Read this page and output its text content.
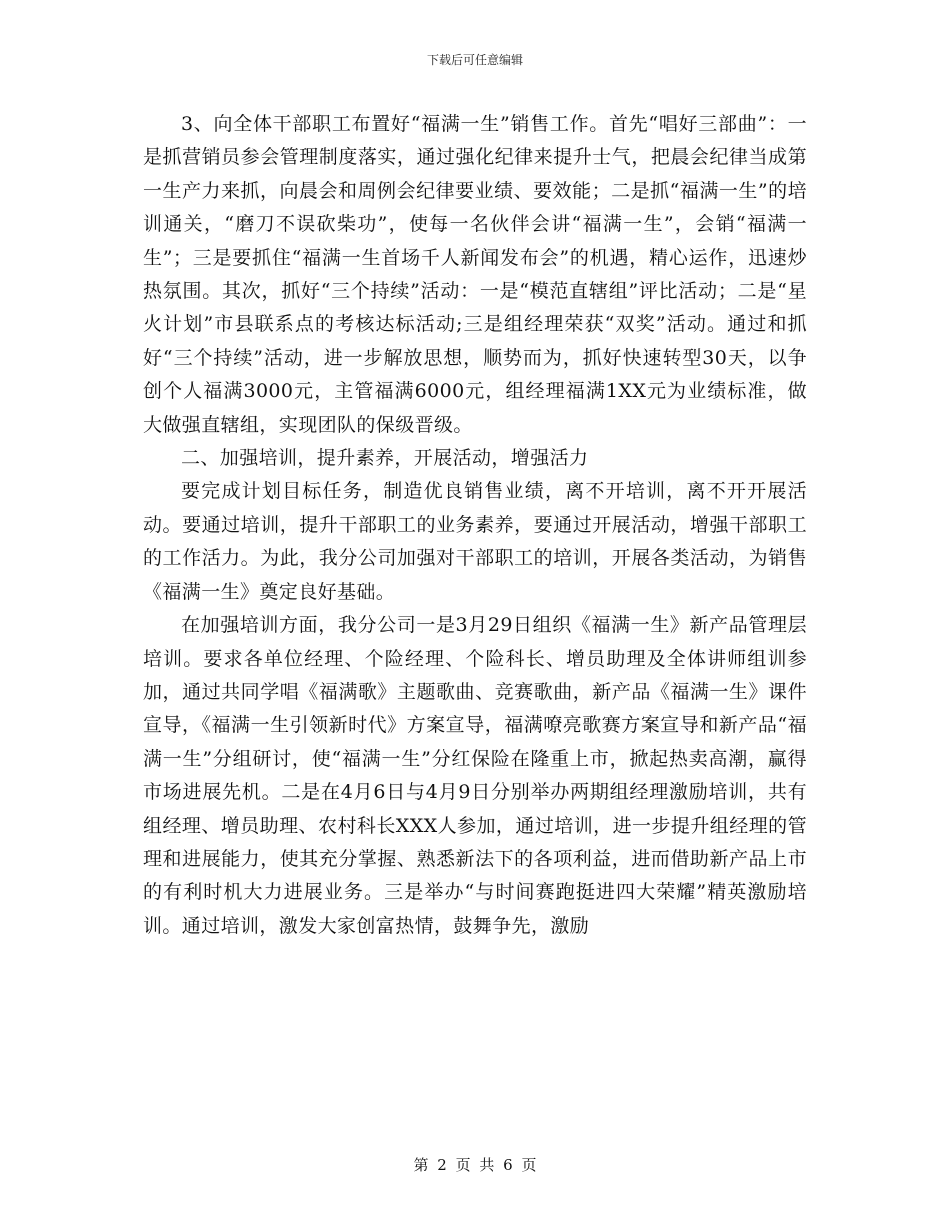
下载后可任意编辑

3、向全体干部职工布置好“福满一生”销售工作。首先“唱好三部曲”：一是抓营销员参会管理制度落实，通过强化纪律来提升士气，把晨会纪律当成第一生产力来抓，向晨会和周例会纪律要业绩、要效能；二是抓“福满一生”的培训通关，“磨刀不误砍柴功”，使每一名伙伴会讲“福满一生”，会销“福满一生”；三是要抓住“福满一生首场千人新闻发布会”的机遇，精心运作，迅速炒热氛围。其次，抓好“三个持续”活动：一是“模范直辖组”评比活动；二是“星火计划”市县联系点的考核达标活动;三是组经理荣获“双奖”活动。通过和抓好“三个持续”活动，进一步解放思想，顺势而为，抓好快速转型30天，以争创个人福满3000元，主管福满6000元，组经理福满1XX元为业绩标准，做大做强直辖组，实现团队的保级晋级。

二、加强培训，提升素养，开展活动，增强活力

要完成计划目标任务，制造优良销售业绩，离不开培训，离不开开展活动。要通过培训，提升干部职工的业务素养，要通过开展活动，增强干部职工的工作活力。为此，我分公司加强对干部职工的培训，开展各类活动，为销售《福满一生》奠定良好基础。

在加强培训方面，我分公司一是3月29日组织《福满一生》新产品管理层培训。要求各单位经理、个险经理、个险科长、增员助理及全体讲师组训参加，通过共同学唱《福满歌》主题歌曲、竞赛歌曲，新产品《福满一生》课件宣导，《福满一生引领新时代》方案宣导，福满嘹亮歌赛方案宣导和新产品“福满一生”分组研讨，使“福满一生”分红保险在隆重上市，掀起热卖高潮，赢得市场进展先机。二是在4月6日与4月9日分别举办两期组经理激励培训，共有组经理、增员助理、农村科长XXX人参加，通过培训，进一步提升组经理的管理和进展能力，使其充分掌握、熟悉新法下的各项利益，进而借助新产品上市的有利时机大力进展业务。三是举办“与时间赛跑挺进四大荣耀”精英激励培训。通过培训，激发大家创富热情，鼓舞争先，激励

第 2 页 共 6 页
